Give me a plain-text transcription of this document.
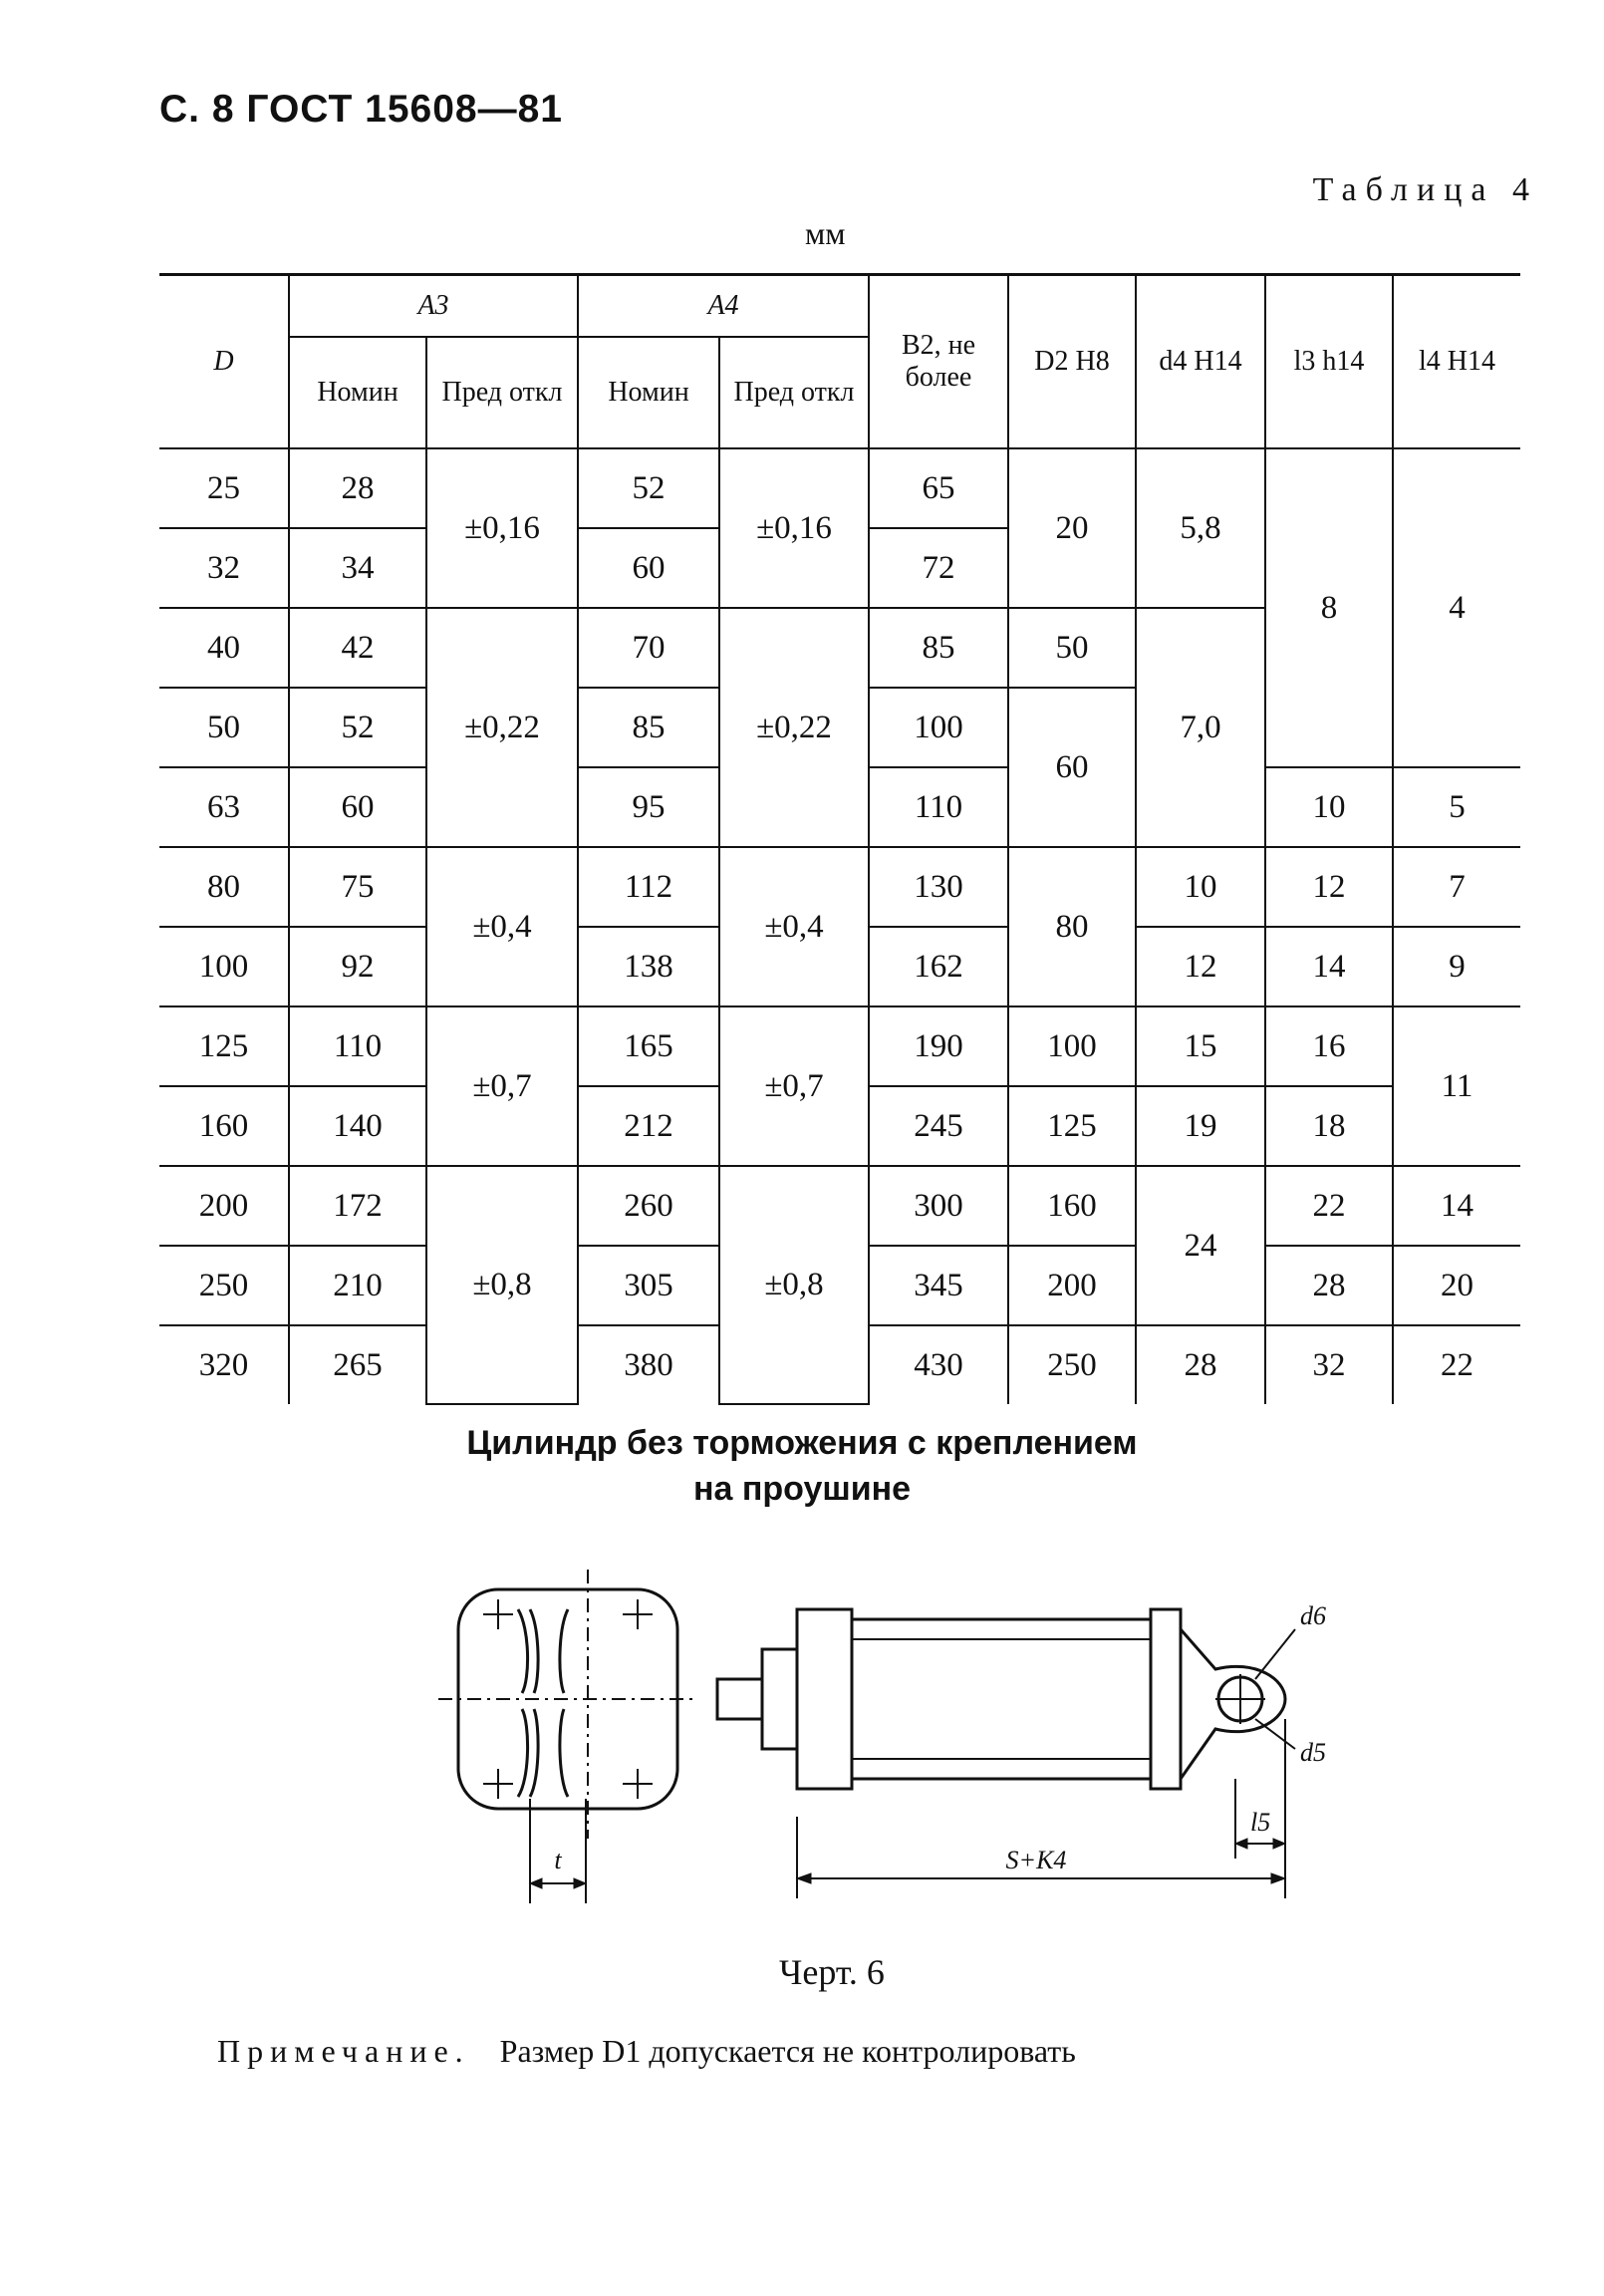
С. 8 ГОСТ 15608—81
Таблица 4
мм
D	A3		A4		B2, не более	D2 H8	d4 H14	l3 h14	l4 H14
	Номин	Пред откл	Номин	Пред откл					
25	28	±0,16	52	±0,16	65	20	5,8	8	4
32	34		60		72				
40	42	±0,22	70	±0,22	85	50	7,0		
50	52		85		100	60			
63	60		95		110			10	5
80	75	±0,4	112	±0,4	130	80	10	12	7
100	92		138		162		12	14	9
125	110	±0,7	165	±0,7	190	100	15	16	11
160	140		212		245	125	19	18	
200	172	±0,8	260	±0,8	300	160	24	22	14
250	210		305		345	200		28	20
320	265		380		430	250	28	32	22
Цилиндр без торможения с креплением
на проушине
t
d6
d5
l5
S+K4
Черт. 6
Примечание. Размер D1 допускается не контролировать
